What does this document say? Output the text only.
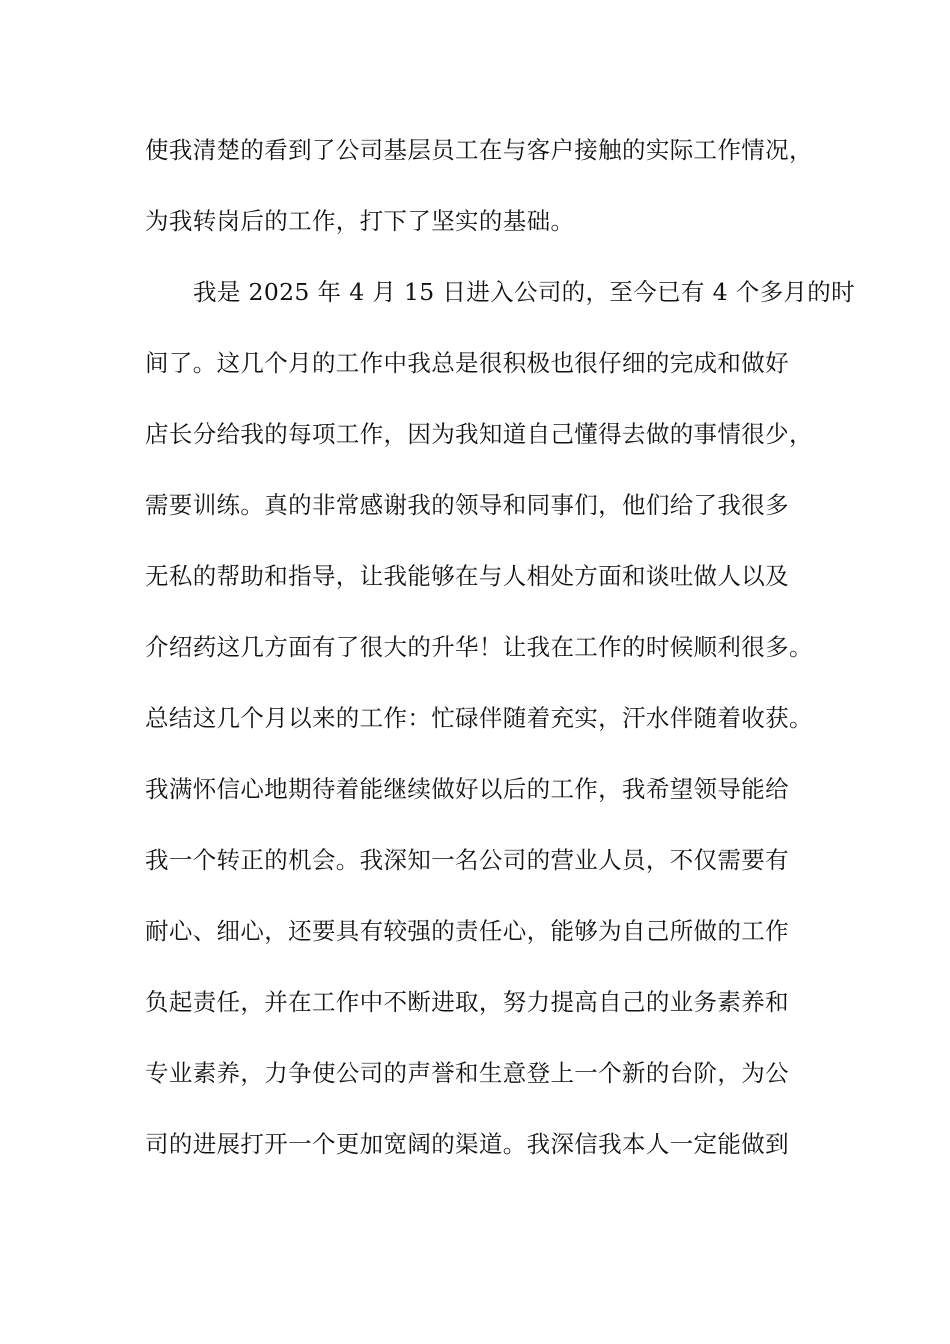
使我清楚的看到了公司基层员工在与客户接触的实际工作情况，
为我转岗后的工作，打下了坚实的基础。
我是 2025 年 4 月 15 日进入公司的，至今已有 4 个多月的时
间了。这几个月的工作中我总是很积极也很仔细的完成和做好
店长分给我的每项工作，因为我知道自己懂得去做的事情很少，
需要训练。真的非常感谢我的领导和同事们，他们给了我很多
无私的帮助和指导，让我能够在与人相处方面和谈吐做人以及
介绍药这几方面有了很大的升华！让我在工作的时候顺利很多。
总结这几个月以来的工作：忙碌伴随着充实，汗水伴随着收获。
我满怀信心地期待着能继续做好以后的工作，我希望领导能给
我一个转正的机会。我深知一名公司的营业人员，不仅需要有
耐心、细心，还要具有较强的责任心，能够为自己所做的工作
负起责任，并在工作中不断进取，努力提高自己的业务素养和
专业素养，力争使公司的声誉和生意登上一个新的台阶，为公
司的进展打开一个更加宽阔的渠道。我深信我本人一定能做到
